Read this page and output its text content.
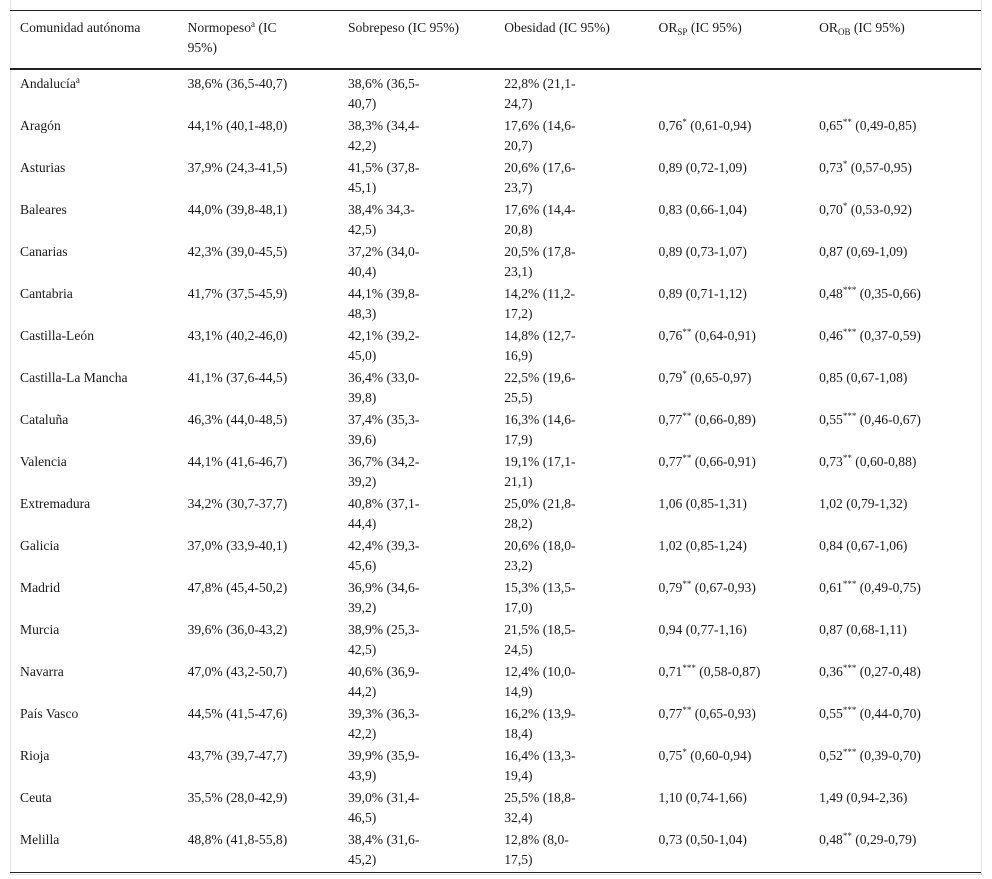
Comunidad autónoma	Normopeso$^a$ (IC 95%)	Sobrepeso (IC 95%)	Obesidad (IC 95%)	$OR_{SP}$ (IC 95%)	$OR_{OB}$ (IC 95%)

Andalucía$^a$	38,6% (36,5-40,7)	38,6% (36,5-40,7)	22,8% (21,1-24,7)		

Aragón	44,1% (40,1-48,0)	38,3% (34,4-42,2)	17,6% (14,6-20,7)	0,76* (0,61-0,94)	0,65** (0,49-0,85)

Asturias	37,9% (24,3-41,5)	41,5% (37,8-45,1)	20,6% (17,6-23,7)	0,89 (0,72-1,09)	0,73* (0,57-0,95)

Baleares	44,0% (39,8-48,1)	38,4% 34,3-42,5)	17,6% (14,4-20,8)	0,83 (0,66-1,04)	0,70* (0,53-0,92)

Canarias	42,3% (39,0-45,5)	37,2% (34,0-40,4)	20,5% (17,8-23,1)	0,89 (0,73-1,07)	0,87 (0,69-1,09)

Cantabria	41,7% (37,5-45,9)	44,1% (39,8-48,3)	14,2% (11,2-17,2)	0,89 (0,71-1,12)	0,48*** (0,35-0,66)

Castilla-León	43,1% (40,2-46,0)	42,1% (39,2-45,0)	14,8% (12,7-16,9)	0,76** (0,64-0,91)	0,46*** (0,37-0,59)

Castilla-La Mancha	41,1% (37,6-44,5)	36,4% (33,0-39,8)	22,5% (19,6-25,5)	0,79* (0,65-0,97)	0,85 (0,67-1,08)

Cataluña	46,3% (44,0-48,5)	37,4% (35,3-39,6)	16,3% (14,6-17,9)	0,77** (0,66-0,89)	0,55*** (0,46-0,67)

Valencia	44,1% (41,6-46,7)	36,7% (34,2-39,2)	19,1% (17,1-21,1)	0,77** (0,66-0,91)	0,73** (0,60-0,88)

Extremadura	34,2% (30,7-37,7)	40,8% (37,1-44,4)	25,0% (21,8-28,2)	1,06 (0,85-1,31)	1,02 (0,79-1,32)

Galicia	37,0% (33,9-40,1)	42,4% (39,3-45,6)	20,6% (18,0-23,2)	1,02 (0,85-1,24)	0,84 (0,67-1,06)

Madrid	47,8% (45,4-50,2)	36,9% (34,6-39,2)	15,3% (13,5-17,0)	0,79** (0,67-0,93)	0,61*** (0,49-0,75)

Murcia	39,6% (36,0-43,2)	38,9% (25,3-42,5)	21,5% (18,5-24,5)	0,94 (0,77-1,16)	0,87 (0,68-1,11)

Navarra	47,0% (43,2-50,7)	40,6% (36,9-44,2)	12,4% (10,0-14,9)	0,71*** (0,58-0,87)	0,36*** (0,27-0,48)

País Vasco	44,5% (41,5-47,6)	39,3% (36,3-42,2)	16,2% (13,9-18,4)	0,77** (0,65-0,93)	0,55*** (0,44-0,70)

Rioja	43,7% (39,7-47,7)	39,9% (35,9-43,9)	16,4% (13,3-19,4)	0,75* (0,60-0,94)	0,52*** (0,39-0,70)

Ceuta	35,5% (28,0-42,9)	39,0% (31,4-46,5)	25,5% (18,8-32,4)	1,10 (0,74-1,66)	1,49 (0,94-2,36)

Melilla	48,8% (41,8-55,8)	38,4% (31,6-45,2)	12,8% (8,0-17,5)	0,73 (0,50-1,04)	0,48** (0,29-0,79)
